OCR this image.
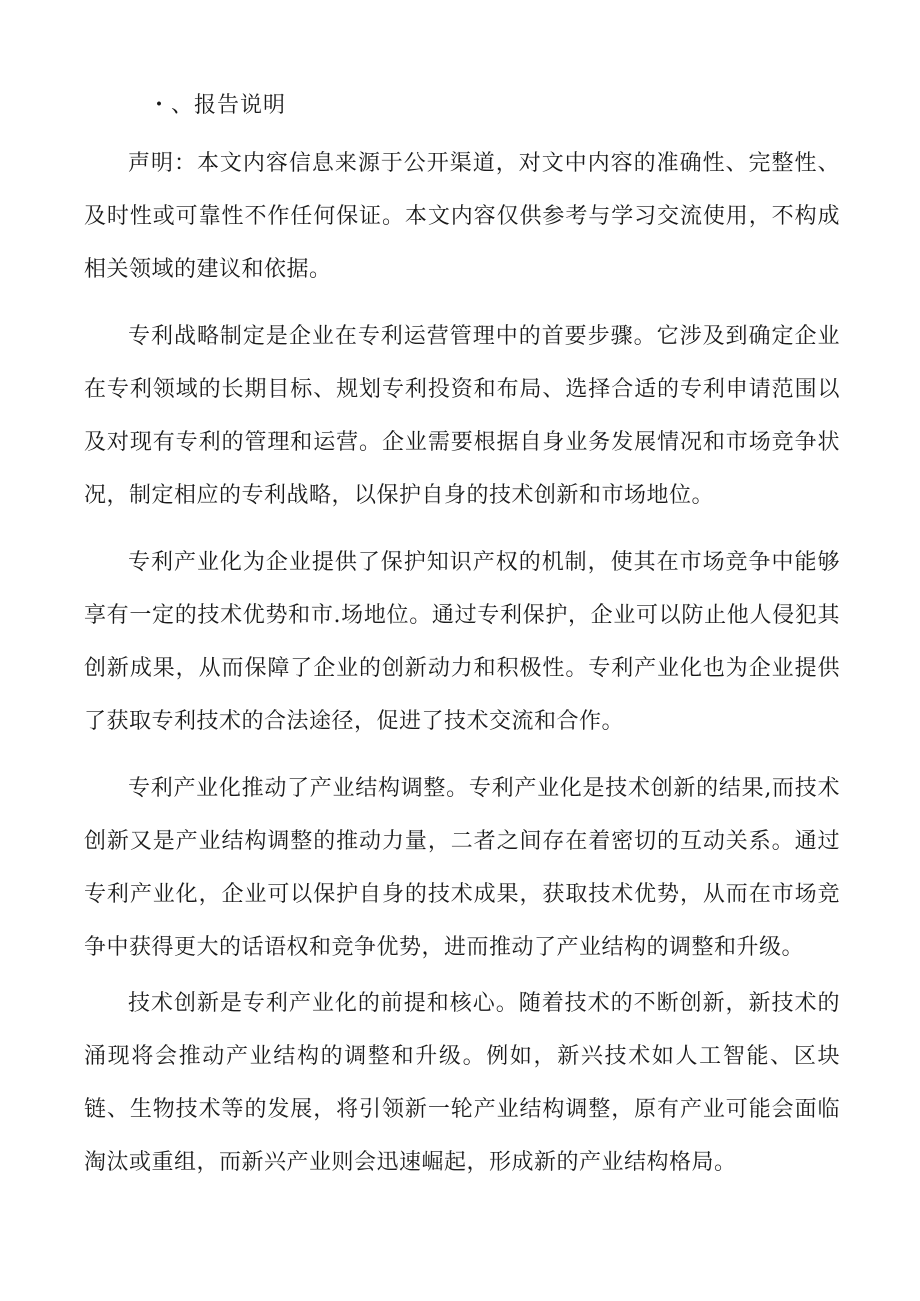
・、报告说明

声明：本文内容信息来源于公开渠道，对文中内容的准确性、完整性、及时性或可靠性不作任何保证。本文内容仅供参考与学习交流使用，不构成相关领域的建议和依据。

专利战略制定是企业在专利运营管理中的首要步骤。它涉及到确定企业在专利领域的长期目标、规划专利投资和布局、选择合适的专利申请范围以及对现有专利的管理和运营。企业需要根据自身业务发展情况和市场竞争状况，制定相应的专利战略，以保护自身的技术创新和市场地位。

专利产业化为企业提供了保护知识产权的机制，使其在市场竞争中能够享有一定的技术优势和市.场地位。通过专利保护，企业可以防止他人侵犯其创新成果，从而保障了企业的创新动力和积极性。专利产业化也为企业提供了获取专利技术的合法途径，促进了技术交流和合作。

专利产业化推动了产业结构调整。专利产业化是技术创新的结果,而技术创新又是产业结构调整的推动力量，二者之间存在着密切的互动关系。通过专利产业化，企业可以保护自身的技术成果，获取技术优势，从而在市场竞争中获得更大的话语权和竞争优势，进而推动了产业结构的调整和升级。

技术创新是专利产业化的前提和核心。随着技术的不断创新，新技术的涌现将会推动产业结构的调整和升级。例如，新兴技术如人工智能、区块链、生物技术等的发展，将引领新一轮产业结构调整，原有产业可能会面临淘汰或重组，而新兴产业则会迅速崛起，形成新的产业结构格局。
